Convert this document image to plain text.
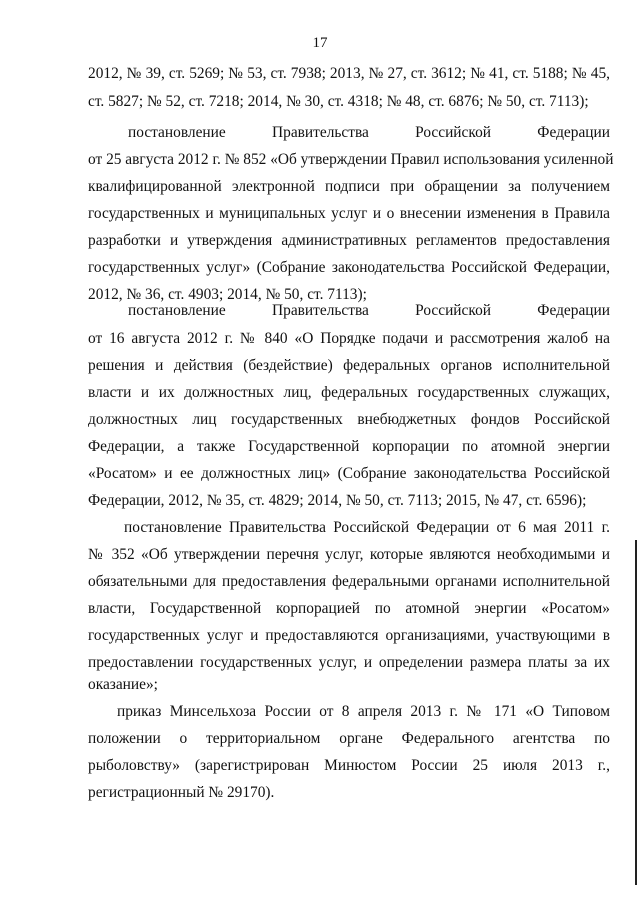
17
2012, № 39, ст. 5269; № 53, ст. 7938; 2013, № 27, ст. 3612; № 41, ст. 5188; № 45,
ст. 5827; № 52, ст. 7218; 2014, № 30, ст. 4318; № 48, ст. 6876; № 50, ст. 7113);
постановление Правительства Российской Федерации
от 25 августа 2012 г. № 852 «Об утверждении Правил использования усиленной
квалифицированной электронной подписи при обращении за получением
государственных и муниципальных услуг и о внесении изменения в Правила
разработки и утверждения административных регламентов предоставления
государственных услуг» (Собрание законодательства Российской Федерации,
2012, № 36, ст. 4903; 2014, № 50, ст. 7113);
постановление Правительства Российской Федерации
от 16 августа 2012 г. № 840 «О Порядке подачи и рассмотрения жалоб на
решения и действия (бездействие) федеральных органов исполнительной
власти и их должностных лиц, федеральных государственных служащих,
должностных лиц государственных внебюджетных фондов Российской
Федерации, а также Государственной корпорации по атомной энергии
«Росатом» и ее должностных лиц» (Собрание законодательства Российской
Федерации, 2012, № 35, ст. 4829; 2014, № 50, ст. 7113; 2015, № 47, ст. 6596);
постановление Правительства Российской Федерации от 6 мая 2011 г.
№ 352 «Об утверждении перечня услуг, которые являются необходимыми и
обязательными для предоставления федеральными органами исполнительной
власти, Государственной корпорацией по атомной энергии «Росатом»
государственных услуг и предоставляются организациями, участвующими в
предоставлении государственных услуг, и определении размера платы за их
оказание»;
приказ Минсельхоза России от 8 апреля 2013 г. № 171 «О Типовом
положении о территориальном органе Федерального агентства по
рыболовству» (зарегистрирован Минюстом России 25 июля 2013 г.,
регистрационный № 29170).
